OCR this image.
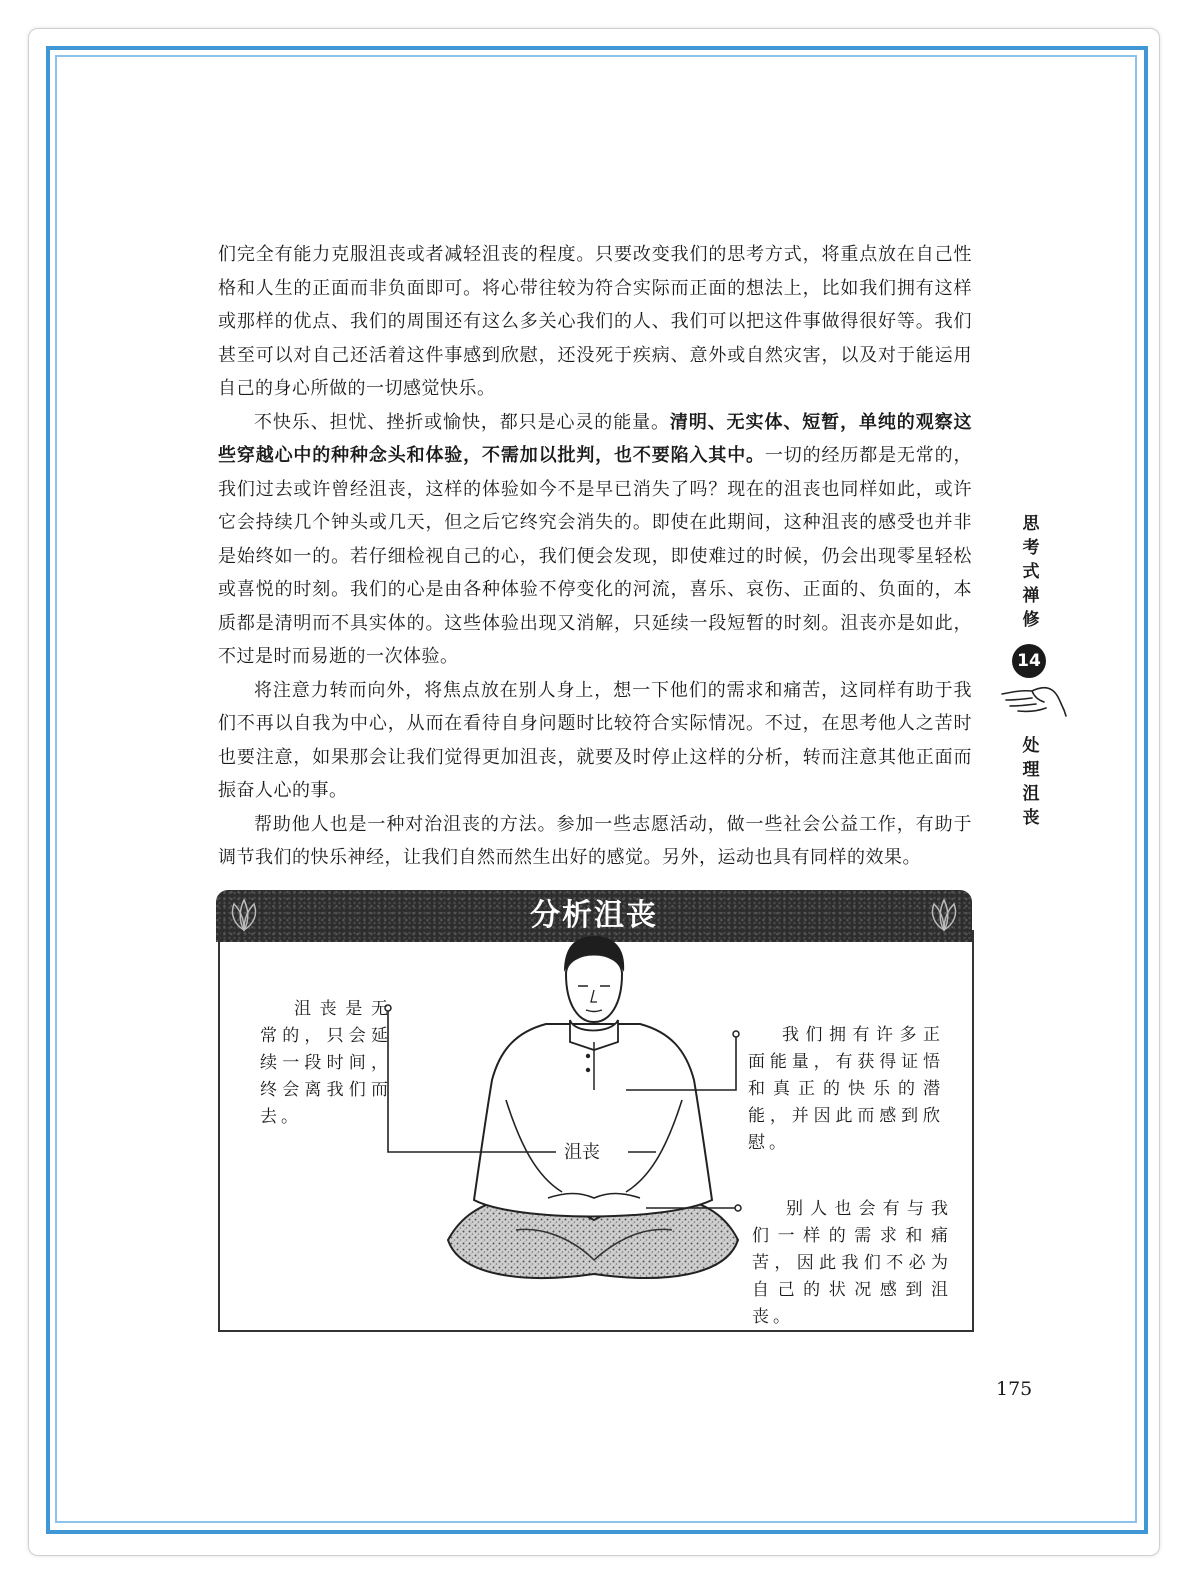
们完全有能力克服沮丧或者减轻沮丧的程度。只要改变我们的思考方式，将重点放在自己性格和人生的正面而非负面即可。将心带往较为符合实际而正面的想法上，比如我们拥有这样或那样的优点、我们的周围还有这么多关心我们的人、我们可以把这件事做得很好等。我们甚至可以对自己还活着这件事感到欣慰，还没死于疾病、意外或自然灾害，以及对于能运用自己的身心所做的一切感觉快乐。

不快乐、担忧、挫折或愉快，都只是心灵的能量。清明、无实体、短暂，单纯的观察这些穿越心中的种种念头和体验，不需加以批判，也不要陷入其中。一切的经历都是无常的，我们过去或许曾经沮丧，这样的体验如今不是早已消失了吗？现在的沮丧也同样如此，或许它会持续几个钟头或几天，但之后它终究会消失的。即使在此期间，这种沮丧的感受也并非是始终如一的。若仔细检视自己的心，我们便会发现，即使难过的时候，仍会出现零星轻松或喜悦的时刻。我们的心是由各种体验不停变化的河流，喜乐、哀伤、正面的、负面的，本质都是清明而不具实体的。这些体验出现又消解，只延续一段短暂的时刻。沮丧亦是如此，不过是时而易逝的一次体验。

将注意力转而向外，将焦点放在别人身上，想一下他们的需求和痛苦，这同样有助于我们不再以自我为中心，从而在看待自身问题时比较符合实际情况。不过，在思考他人之苦时也要注意，如果那会让我们觉得更加沮丧，就要及时停止这样的分析，转而注意其他正面而振奋人心的事。

帮助他人也是一种对治沮丧的方法。参加一些志愿活动，做一些社会公益工作，有助于调节我们的快乐神经，让我们自然而然生出好的感觉。另外，运动也具有同样的效果。

思考式禅修
14
处理沮丧
分析沮丧
沮丧
沮丧是无常的，只会延续一段时间，终会离我们而去。
我们拥有许多正面能量，有获得证悟和真正的快乐的潜能，并因此而感到欣慰。
别人也会有与我们一样的需求和痛苦，因此我们不必为自己的状况感到沮丧。
175
